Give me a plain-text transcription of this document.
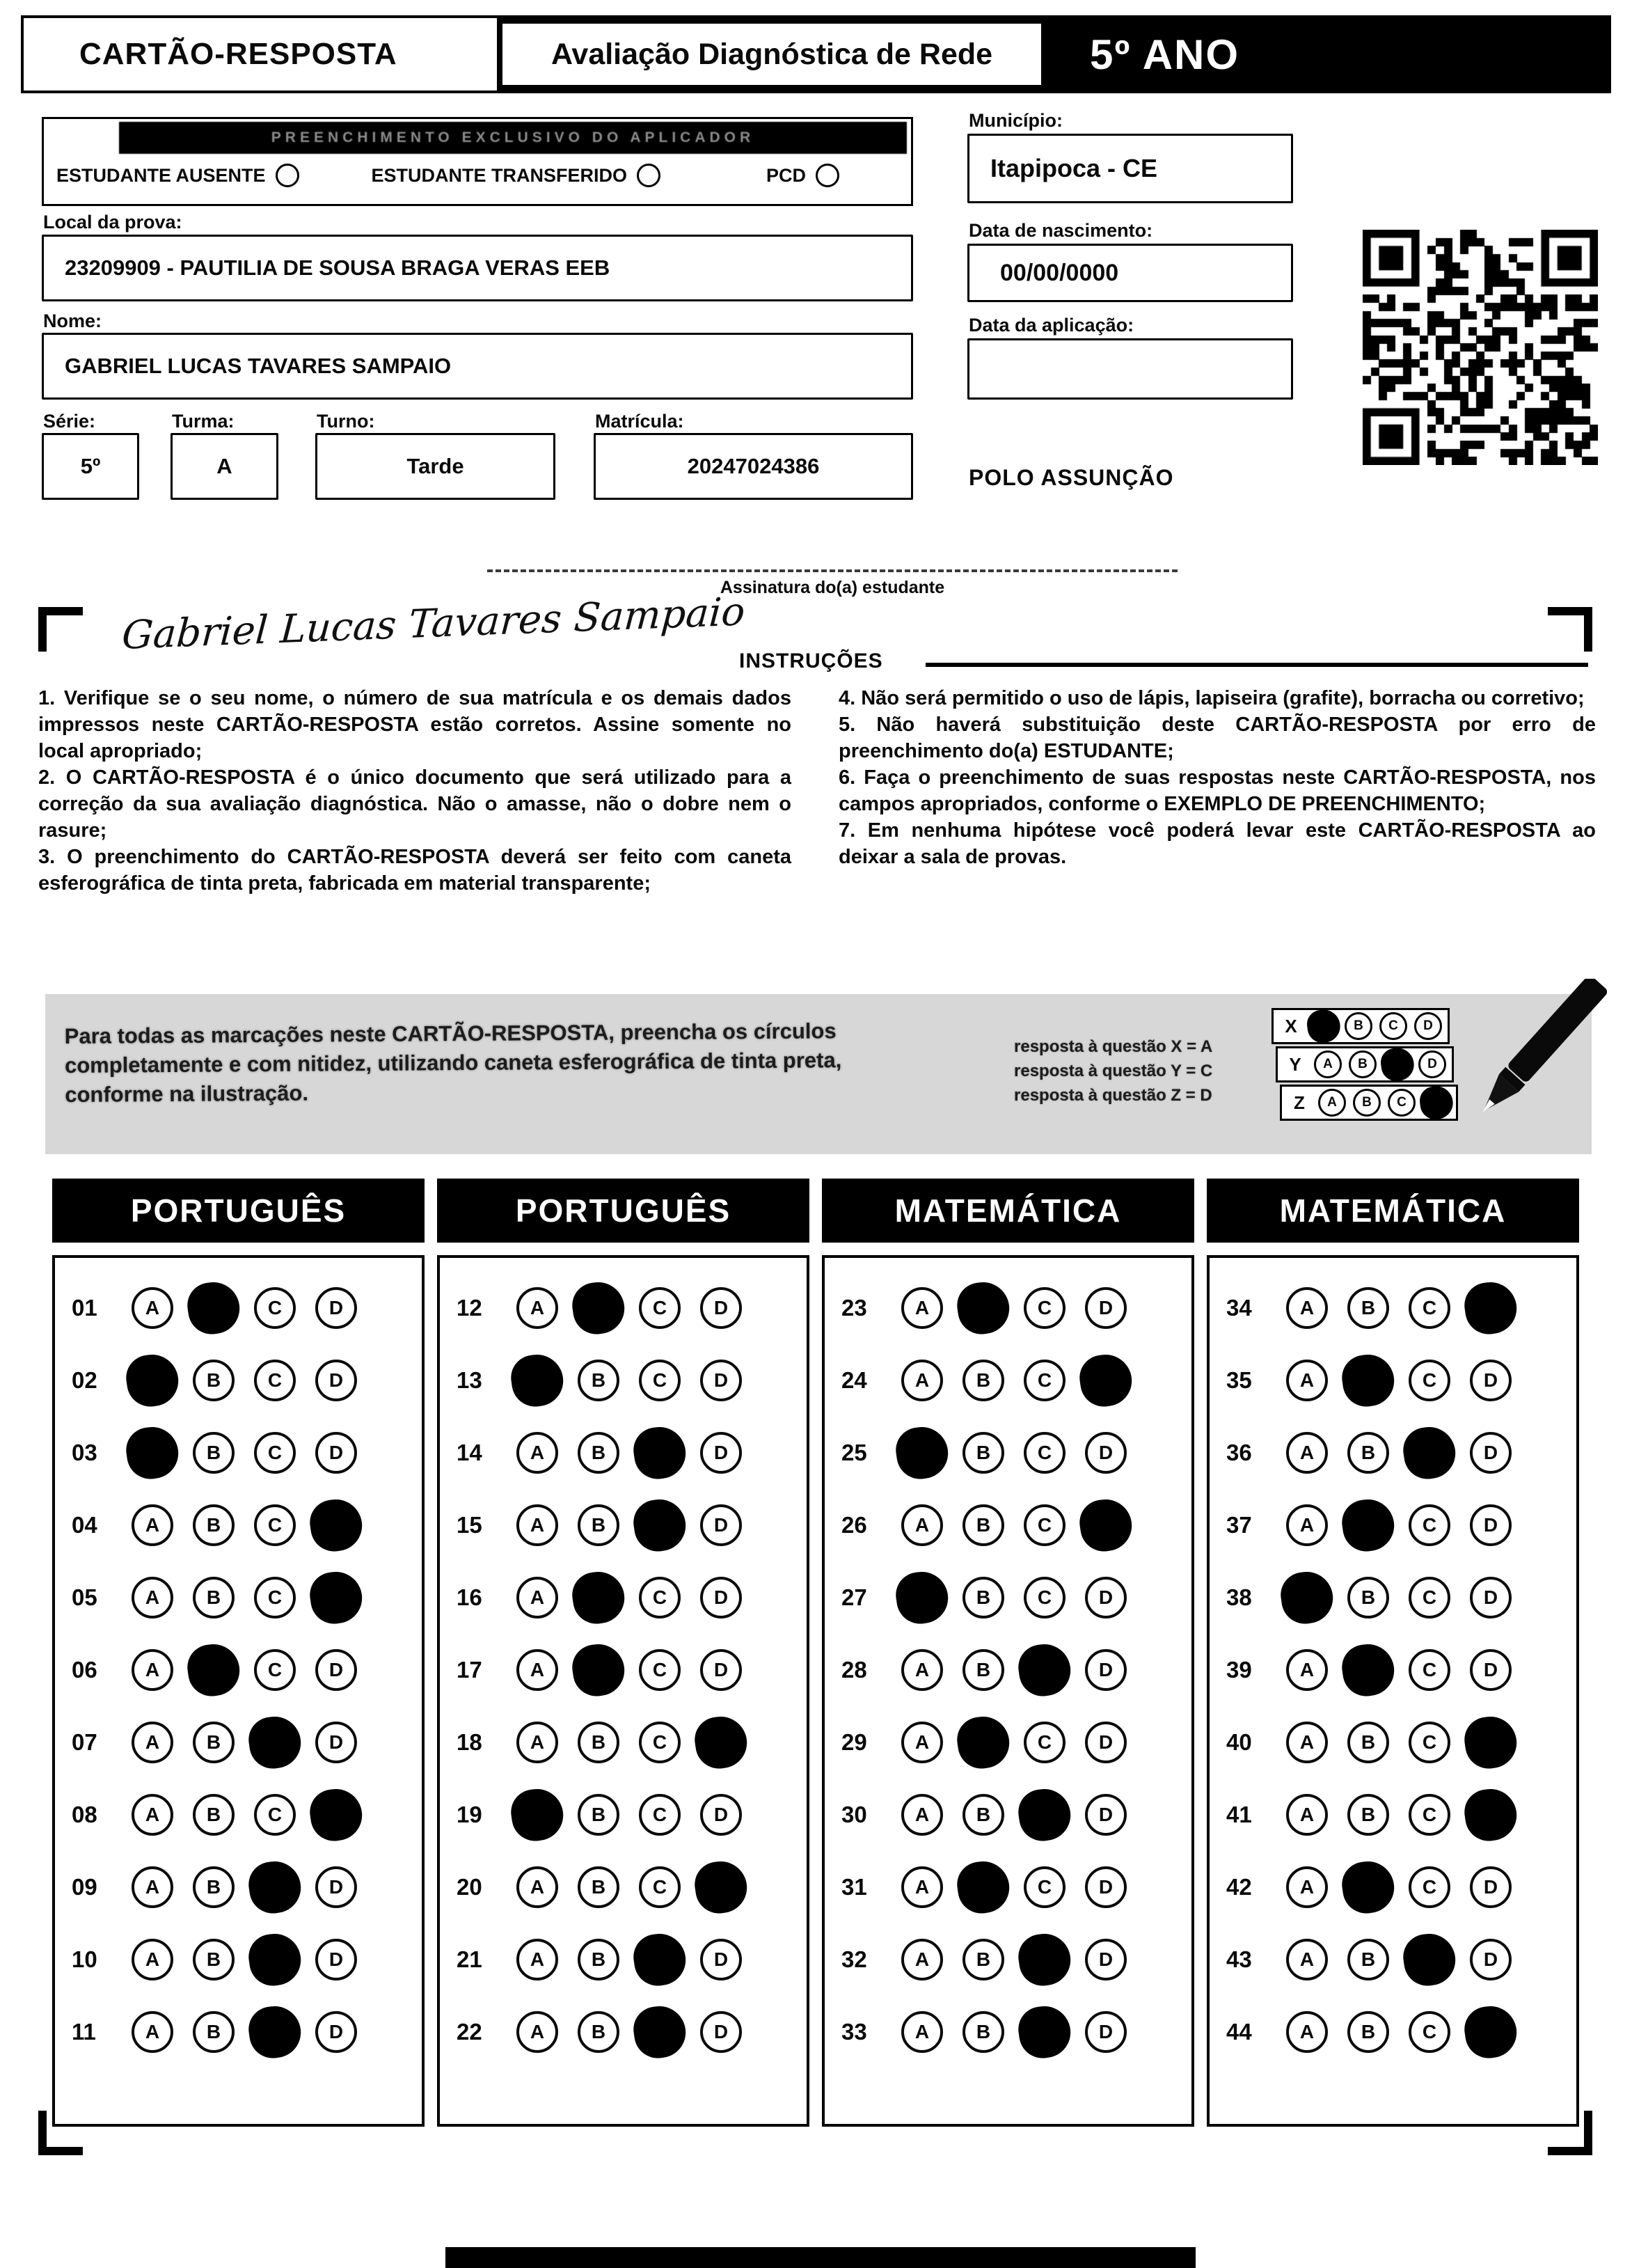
CARTÃO-RESPOSTA	Avaliação Diagnóstica de Rede	5º ANO
PREENCHIMENTO EXCLUSIVO DO APLICADOR
ESTUDANTE AUSENTE	ESTUDANTE TRANSFERIDO	PCD
Local da prova:
23209909 - PAUTILIA DE SOUSA BRAGA VERAS EEB
Nome:
GABRIEL LUCAS TAVARES SAMPAIO
Série:
5º
Turma:
A
Turno:
Tarde
Matrícula:
20247024386
Município:
Itapipoca - CE
Data de nascimento:
00/00/0000
Data da aplicação:
POLO ASSUNÇÃO
Assinatura do(a) estudante
Gabriel Lucas Tavares Sampaio
INSTRUÇÕES

1. Verifique se o seu nome, o número de sua matrícula e os demais dados impressos neste CARTÃO-RESPOSTA estão corretos. Assine somente no local apropriado;

2. O CARTÃO-RESPOSTA é o único documento que será utilizado para a correção da sua avaliação diagnóstica. Não o amasse, não o dobre nem o rasure;

3. O preenchimento do CARTÃO-RESPOSTA deverá ser feito com caneta esferográfica de tinta preta, fabricada em material transparente;

4. Não será permitido o uso de lápis, lapiseira (grafite), borracha ou corretivo;

5. Não haverá substituição deste CARTÃO-RESPOSTA por erro de preenchimento do(a) ESTUDANTE;

6. Faça o preenchimento de suas respostas neste CARTÃO-RESPOSTA, nos campos apropriados, conforme o EXEMPLO DE PREENCHIMENTO;

7. Em nenhuma hipótese você poderá levar este CARTÃO-RESPOSTA ao deixar a sala de provas.

Para todas as marcações neste CARTÃO-RESPOSTA, preencha os círculos completamente e com nitidez, utilizando caneta esferográfica de tinta preta, conforme na ilustração.
resposta à questão X = A
resposta à questão Y = C
resposta à questão Z = D
X	B	C	D
Y	A	B	D
Z	A	B	C
PORTUGUÊS
01	A	C	D
02	B	C	D
03	B	C	D
04	A	B	C
05	A	B	C
06	A	C	D
07	A	B	D
08	A	B	C
09	A	B	D
10	A	B	D
11	A	B	D
PORTUGUÊS
12	A	C	D
13	B	C	D
14	A	B	D
15	A	B	D
16	A	C	D
17	A	C	D
18	A	B	C
19	B	C	D
20	A	B	C
21	A	B	D
22	A	B	D
MATEMÁTICA
23	A	C	D
24	A	B	C
25	B	C	D
26	A	B	C
27	B	C	D
28	A	B	D
29	A	C	D
30	A	B	D
31	A	C	D
32	A	B	D
33	A	B	D
MATEMÁTICA
34	A	B	C
35	A	C	D
36	A	B	D
37	A	C	D
38	B	C	D
39	A	C	D
40	A	B	C
41	A	B	C
42	A	C	D
43	A	B	D
44	A	B	C
